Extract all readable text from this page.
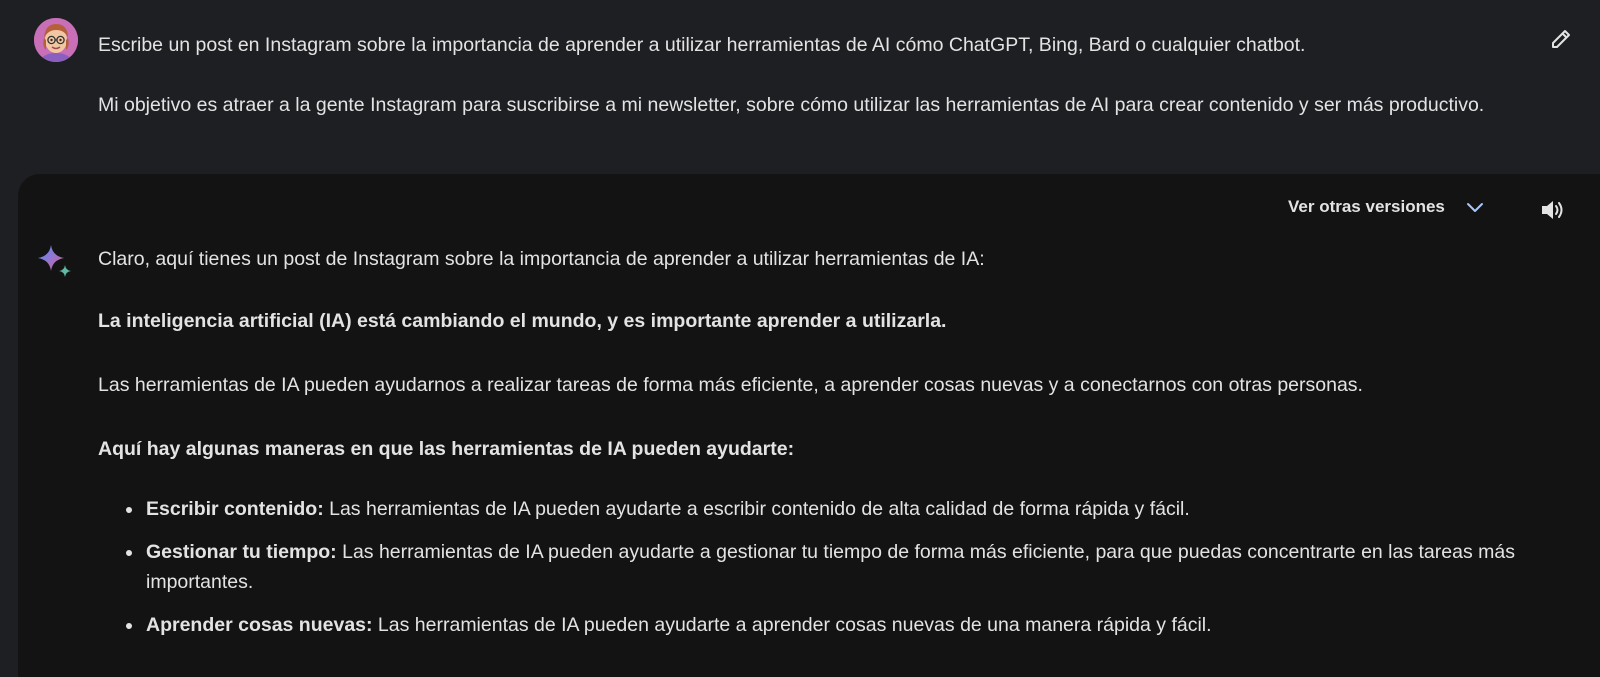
Escribe un post en Instagram sobre la importancia de aprender a utilizar herramientas de AI cómo ChatGPT, Bing, Bard o cualquier chatbot.

Mi objetivo es atraer a la gente Instagram para suscribirse a mi newsletter, sobre cómo utilizar las herramientas de AI para crear contenido y ser más productivo.

Ver otras versiones

Claro, aquí tienes un post de Instagram sobre la importancia de aprender a utilizar herramientas de IA:

La inteligencia artificial (IA) está cambiando el mundo, y es importante aprender a utilizarla.

Las herramientas de IA pueden ayudarnos a realizar tareas de forma más eficiente, a aprender cosas nuevas y a conectarnos con otras personas.

Aquí hay algunas maneras en que las herramientas de IA pueden ayudarte:

Escribir contenido: Las herramientas de IA pueden ayudarte a escribir contenido de alta calidad de forma rápida y fácil.
Gestionar tu tiempo: Las herramientas de IA pueden ayudarte a gestionar tu tiempo de forma más eficiente, para que puedas concentrarte en las tareas más importantes.
Aprender cosas nuevas: Las herramientas de IA pueden ayudarte a aprender cosas nuevas de una manera rápida y fácil.
